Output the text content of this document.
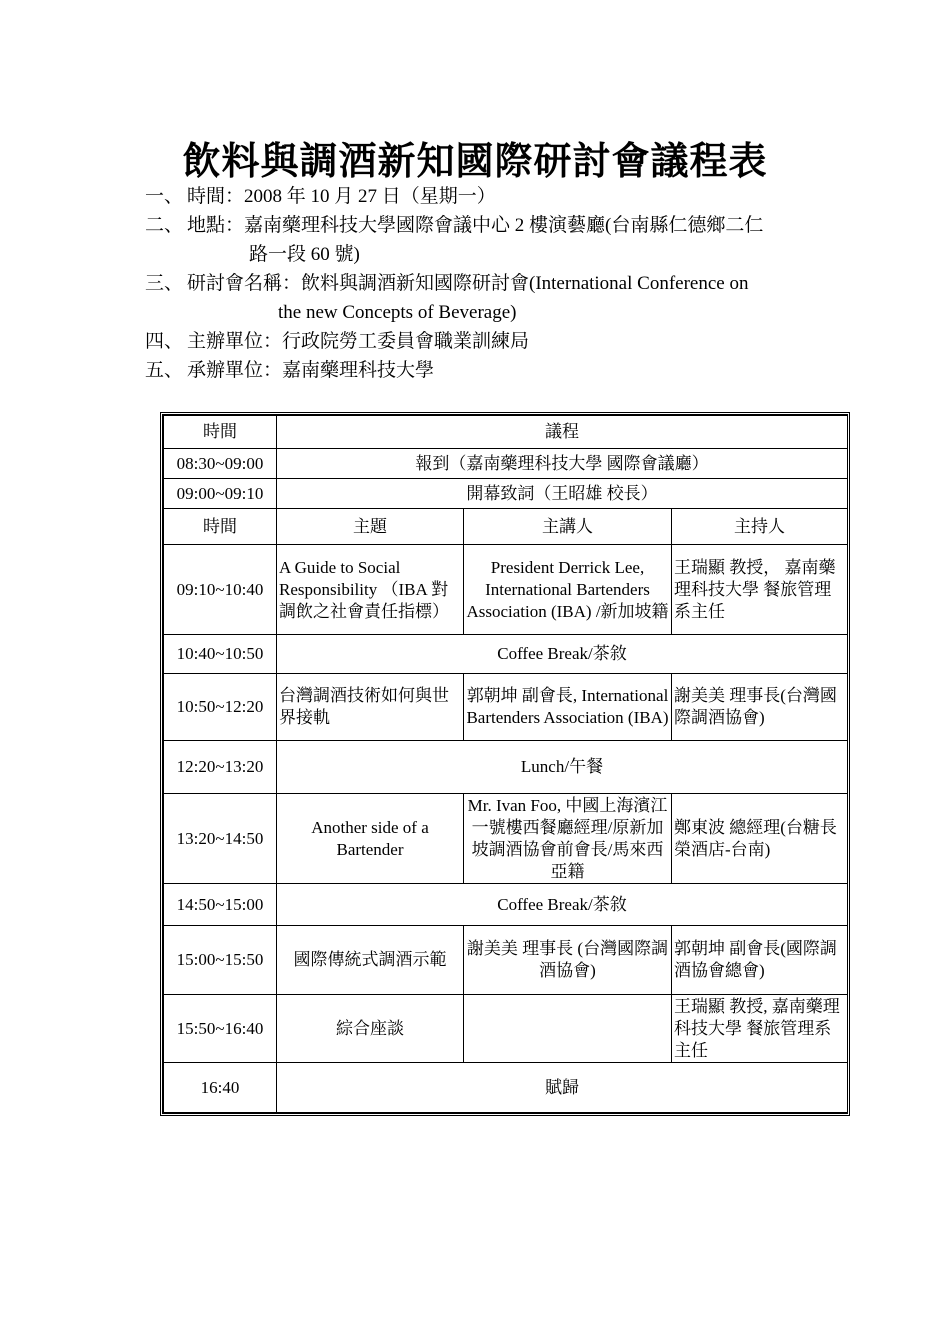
飲料與調酒新知國際研討會議程表
一、 時間：2008 年 10 月 27 日（星期一）
二、 地點：嘉南藥理科技大學國際會議中心 2 樓演藝廳(台南縣仁德鄉二仁
路一段 60 號)
三、 研討會名稱：飲料與調酒新知國際研討會(International Conference on
the new Concepts of Beverage)
四、 主辦單位：行政院勞工委員會職業訓練局
五、 承辦單位：嘉南藥理科技大學
時間	議程		
08:30~09:00	報到（嘉南藥理科技大學 國際會議廳）		
09:00~09:10	開幕致詞（王昭雄 校長）		
時間	主題	主講人	主持人
09:10~10:40	A Guide to Social Responsibility （IBA 對調飲之社會責任指標）	President Derrick Lee, International Bartenders Association (IBA) /新加坡籍	王瑞顯 教授， 嘉南藥理科技大學 餐旅管理系主任
10:40~10:50	Coffee Break/茶敘		
10:50~12:20	台灣調酒技術如何與世界接軌	郭朝坤 副會長, International Bartenders Association (IBA)	謝美美 理事長(台灣國際調酒協會)
12:20~13:20	Lunch/午餐		
13:20~14:50	Another side of a Bartender	Mr. Ivan Foo, 中國上海濱江一號樓西餐廳經理/原新加坡調酒協會前會長/馬來西亞籍	鄭東波 總經理(台糖長榮酒店-台南)
14:50~15:00	Coffee Break/茶敘		
15:00~15:50	國際傳統式調酒示範	謝美美 理事長 (台灣國際調酒協會)	郭朝坤 副會長(國際調酒協會總會)
15:50~16:40	綜合座談		王瑞顯 教授, 嘉南藥理科技大學 餐旅管理系主任
16:40	賦歸		
